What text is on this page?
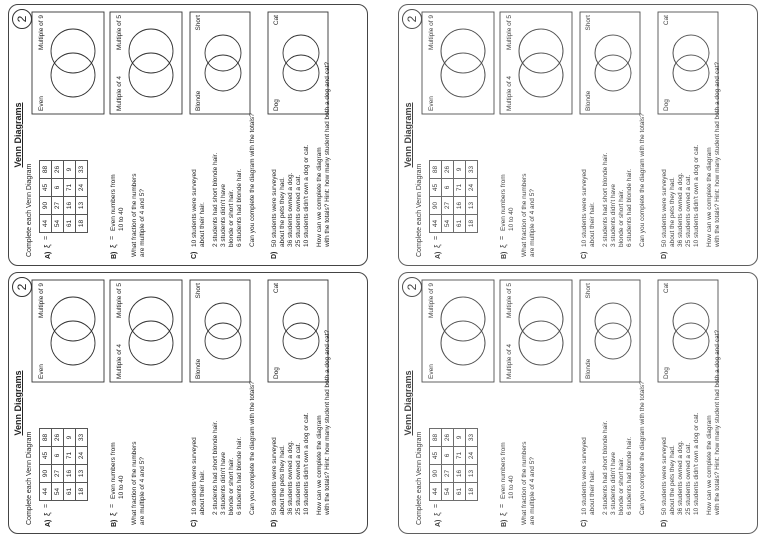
2
Venn Diagrams
Complete each Venn Diagram A)
ξ
=
44	90	45	88
54	27	6	26
61	16	71	9
18	13	24	33
Even
Multiple of 9
B)
ξ
=
Even numbers from 10 to 40 What fraction of the numbers are multiple of 4 and 5?
Multiple of 4
Multiple of 5
C)
10 students were surveyed about their hair. 2 students had short blonde hair. 3 students didn't have blonde or short hair. 6 students had blonde hair. Can you complete the diagram with the totals?
Blonde
Short
D)
50 students were surveyed about the pets they had. 36 students owned a dog. 25 students owned a cat. 10 students didn't own a dog or cat. How can we complete the diagram with the totals? Hint: how many student had both a dog and cat?
Dog
Cat	2
Venn Diagrams
Complete each Venn Diagram A)
ξ
=
44	90	45	88
54	27	6	26
61	16	71	9
18	13	24	33
Even
Multiple of 9
B)
ξ
=
Even numbers from 10 to 40 What fraction of the numbers are multiple of 4 and 5?
Multiple of 4
Multiple of 5
C)
10 students were surveyed about their hair. 2 students had short blonde hair. 3 students didn't have blonde or short hair. 6 students had blonde hair. Can you complete the diagram with the totals?
Blonde
Short
D)
50 students were surveyed about the pets they had. 36 students owned a dog. 25 students owned a cat. 10 students didn't own a dog or cat. How can we complete the diagram with the totals? Hint: how many student had both a dog and cat?
Dog
Cat
2
Venn Diagrams
Complete each Venn Diagram A)
ξ
=
44	90	45	88
54	27	6	26
61	16	71	9
18	13	24	33
Even
Multiple of 9
B)
ξ
=
Even numbers from 10 to 40 What fraction of the numbers are multiple of 4 and 5?
Multiple of 4
Multiple of 5
C)
10 students were surveyed about their hair. 2 students had short blonde hair. 3 students didn't have blonde or short hair. 6 students had blonde hair. Can you complete the diagram with the totals?
Blonde
Short
D)
50 students were surveyed about the pets they had. 36 students owned a dog. 25 students owned a cat. 10 students didn't own a dog or cat. How can we complete the diagram with the totals? Hint: how many student had both a dog and cat?
Dog
Cat	2
Venn Diagrams
Complete each Venn Diagram A)
ξ
=
44	90	45	88
54	27	6	26
61	16	71	9
18	13	24	33
Even
Multiple of 9
B)
ξ
=
Even numbers from 10 to 40 What fraction of the numbers are multiple of 4 and 5?
Multiple of 4
Multiple of 5
C)
10 students were surveyed about their hair. 2 students had short blonde hair. 3 students didn't have blonde or short hair. 6 students had blonde hair. Can you complete the diagram with the totals?
Blonde
Short
D)
50 students were surveyed about the pets they had. 36 students owned a dog. 25 students owned a cat. 10 students didn't own a dog or cat. How can we complete the diagram with the totals? Hint: how many student had both a dog and cat?
Dog
Cat
